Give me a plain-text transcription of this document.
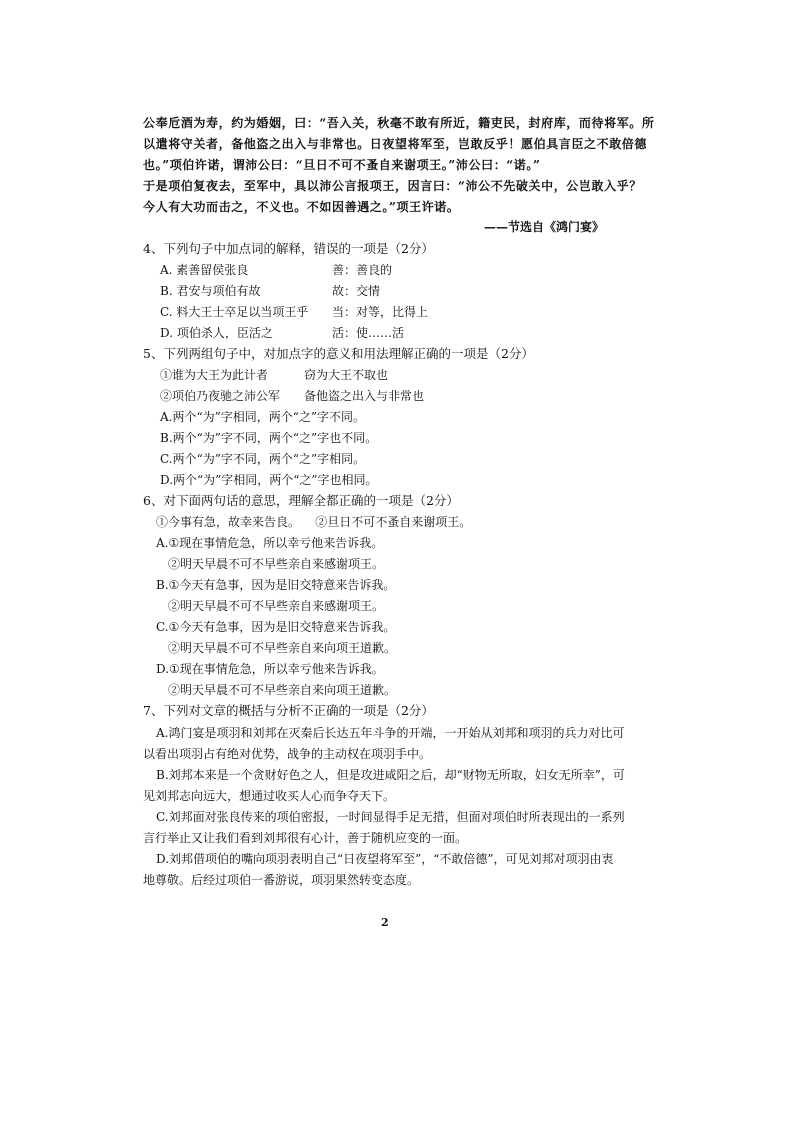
公奉卮酒为寿，约为婚姻，曰：“吾入关，秋毫不敢有所近，籍吏民，封府库，而待将军。所
以遣将守关者，备他盗之出入与非常也。日夜望将军至，岂敢反乎！愿伯具言臣之不敢倍德
也。”项伯许诺，谓沛公曰：“旦日不可不蚤自来谢项王。”沛公曰：“诺。”
于是项伯复夜去，至军中，具以沛公言报项王，因言曰：“沛公不先破关中，公岂敢入乎？
今人有大功而击之，不义也。不如因善遇之。”项王许诺。
——节选自《鸿门宴》
4、下列句子中加点词的解释，错误的一项是（2分）
A. 素善留侯张良	善：善良的
B. 君安与项伯有故	故：交情
C. 料大王士卒足以当项王乎 当：对等，比得上
D. 项伯杀人，臣活之	活：使……活
5、下列两组句子中，对加点字的意义和用法理解正确的一项是（2分）
①谁为大王为此计者	窃为大王不取也
②项伯乃夜驰之沛公军 备他盗之出入与非常也
A.两个“为”字相同，两个“之”字不同。
B.两个“为”字不同，两个“之”字也不同。
C.两个“为”字不同，两个“之”字相同。
D.两个“为”字相同，两个“之”字也相同。
6、对下面两句话的意思，理解全都正确的一项是（2分）
①今事有急，故幸来告良。    ②旦日不可不蚤自来谢项王。
A.①现在事情危急，所以幸亏他来告诉我。
②明天早晨不可不早些亲自来感谢项王。
B.①今天有急事，因为是旧交特意来告诉我。
②明天早晨不可不早些亲自来感谢项王。
C.①今天有急事，因为是旧交特意来告诉我。
②明天早晨不可不早些亲自来向项王道歉。
D.①现在事情危急，所以幸亏他来告诉我。
②明天早晨不可不早些亲自来向项王道歉。
7、下列对文章的概括与分析不正确的一项是（2分）
A.鸿门宴是项羽和刘邦在灭秦后长达五年斗争的开端，一开始从刘邦和项羽的兵力对比可
以看出项羽占有绝对优势，战争的主动权在项羽手中。
B.刘邦本来是一个贪财好色之人，但是攻进咸阳之后，却“财物无所取，妇女无所幸”，可
见刘邦志向远大，想通过收买人心而争夺天下。
C.刘邦面对张良传来的项伯密报，一时间显得手足无措，但面对项伯时所表现出的一系列
言行举止又让我们看到刘邦很有心计，善于随机应变的一面。
D.刘邦借项伯的嘴向项羽表明自己“日夜望将军至”，“不敢倍德”，可见刘邦对项羽由衷
地尊敬。后经过项伯一番游说，项羽果然转变态度。
2
